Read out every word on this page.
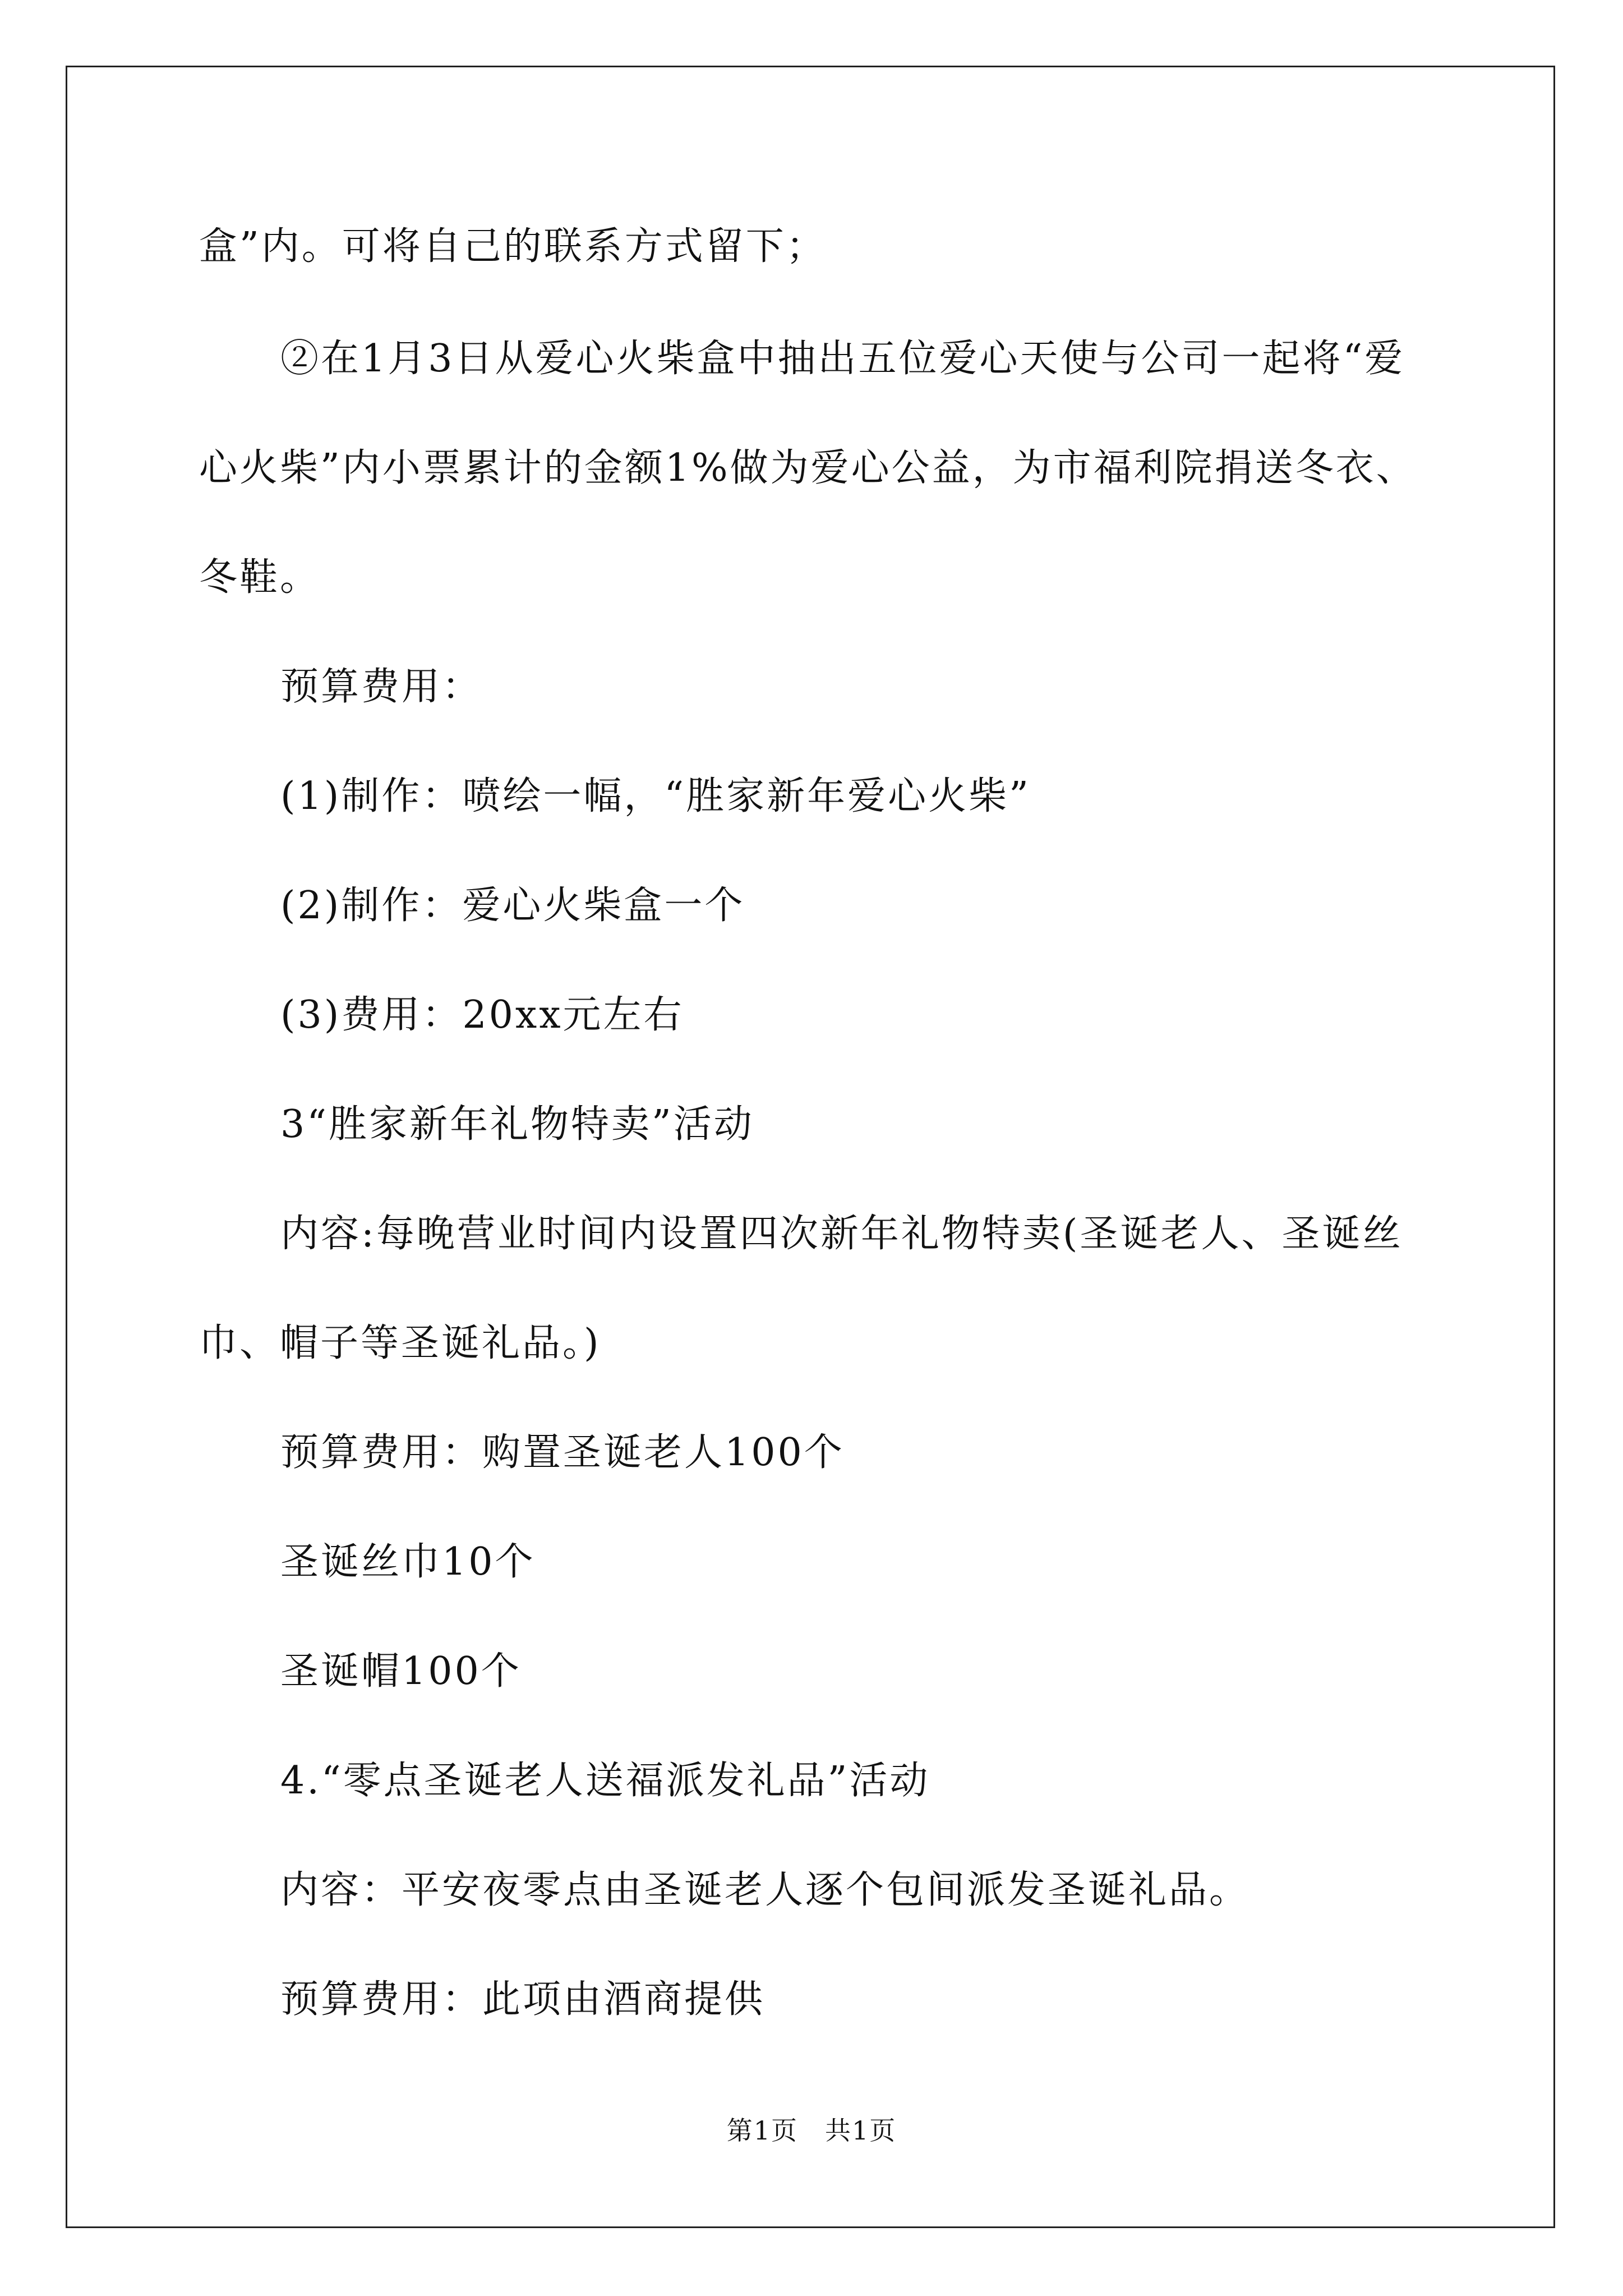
盒”内。可将自己的联系方式留下；
②在1月3日从爱心火柴盒中抽出五位爱心天使与公司一起将“爱
心火柴”内小票累计的金额1%做为爱心公益，为市福利院捐送冬衣、
冬鞋。
预算费用：
(1)制作：喷绘一幅，“胜家新年爱心火柴”
(2)制作：爱心火柴盒一个
(3)费用：20xx元左右
3“胜家新年礼物特卖”活动
内容:每晚营业时间内设置四次新年礼物特卖(圣诞老人、圣诞丝
巾、帽子等圣诞礼品。)
预算费用：购置圣诞老人100个
圣诞丝巾10个
圣诞帽100个
4.“零点圣诞老人送福派发礼品”活动
内容：平安夜零点由圣诞老人逐个包间派发圣诞礼品。
预算费用：此项由酒商提供
第1页 共1页
